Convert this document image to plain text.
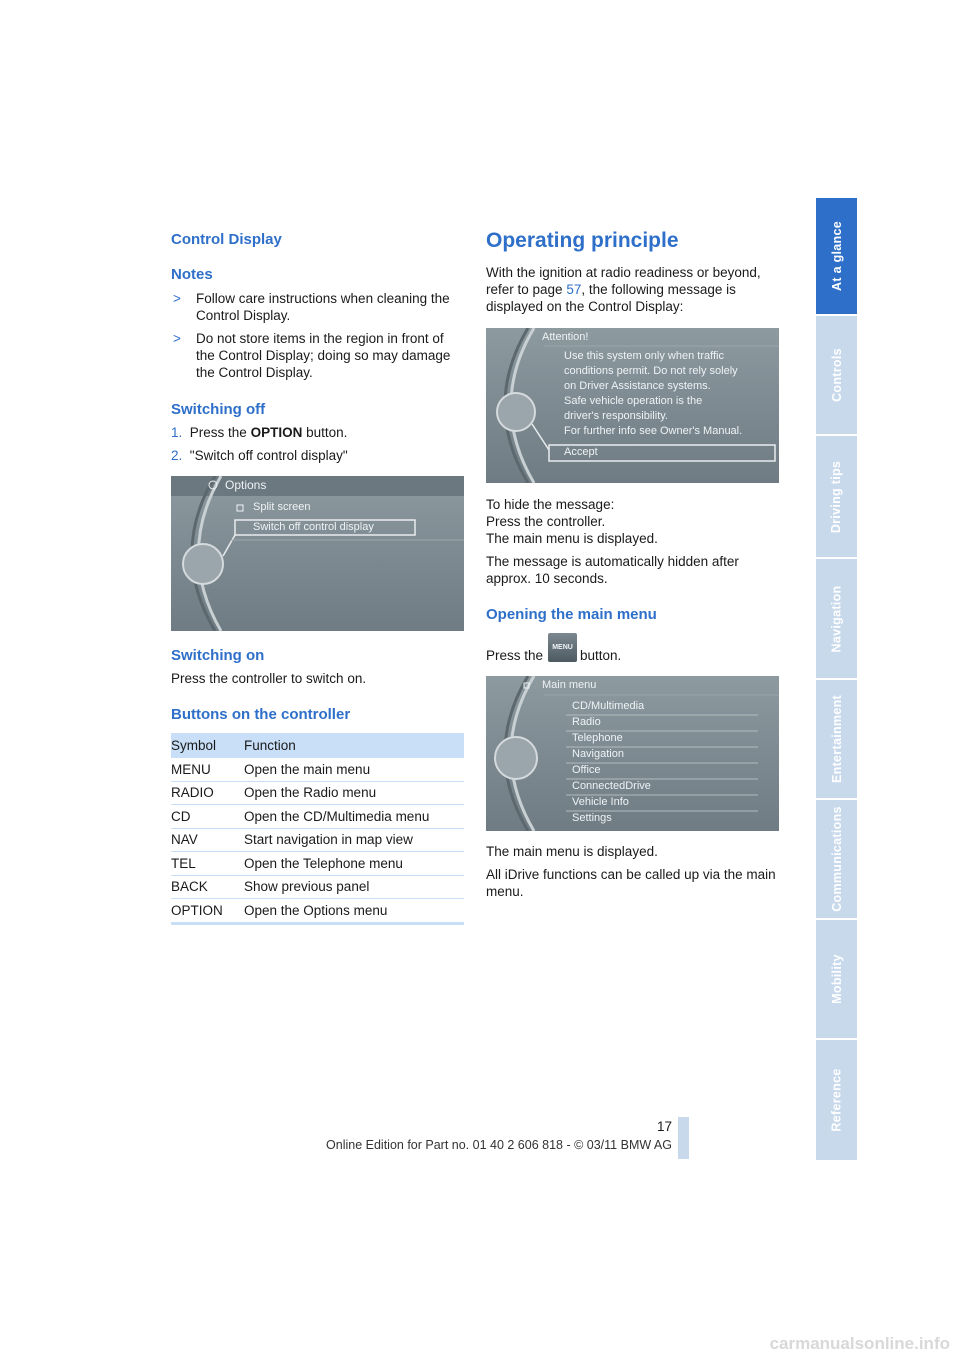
At a glance
Controls
Driving tips
Navigation
Entertainment
Communications
Mobility
Reference
Control Display
Notes
> Follow care instructions when cleaning the Control Display.
> Do not store items in the region in front of the Control Display; doing so may damage the Control Display.
Switching off
1. Press the OPTION button.
2. "Switch off control display"
Options
Split screen
Switch off control display
Switching on
Press the controller to switch on.
Buttons on the controller
Symbol	Function
MENU	Open the main menu
RADIO	Open the Radio menu
CD	Open the CD/Multimedia menu
NAV	Start navigation in map view
TEL	Open the Telephone menu
BACK	Show previous panel
OPTION	Open the Options menu
Operating principle
With the ignition at radio readiness or beyond, refer to page 57, the following message is displayed on the Control Display:
Attention!
Use this system only when traffic
conditions permit. Do not rely solely
on Driver Assistance systems.
Safe vehicle operation is the
driver's responsibility.
For further info see Owner's Manual.
Accept
To hide the message:
Press the controller.
The main menu is displayed.
The message is automatically hidden after approx. 10 seconds.
Opening the main menu
Press the
MENU
button.
Main menu
CD/Multimedia
Radio
Telephone
Navigation
Office
ConnectedDrive
Vehicle Info
Settings
The main menu is displayed.
All iDrive functions can be called up via the main menu.
17
Online Edition for Part no. 01 40 2 606 818 - © 03/11 BMW AG
carmanualsonline.info
